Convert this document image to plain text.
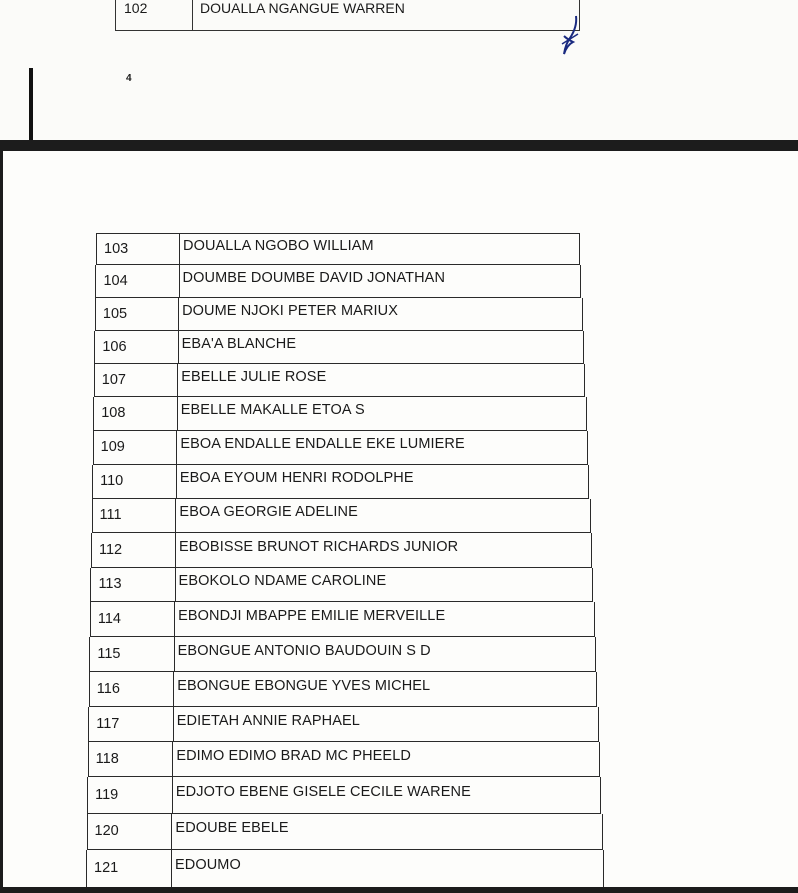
102	DOUALLA NGANGUE WARREN
4
103	DOUALLA NGOBO WILLIAM
104	DOUMBE DOUMBE DAVID JONATHAN
105	DOUME NJOKI PETER MARIUX
106	EBA'A BLANCHE
107	EBELLE JULIE ROSE
108	EBELLE MAKALLE ETOA S
109	EBOA ENDALLE ENDALLE EKE LUMIERE
110	EBOA EYOUM HENRI RODOLPHE
111	EBOA GEORGIE ADELINE
112	EBOBISSE BRUNOT RICHARDS JUNIOR
113	EBOKOLO NDAME CAROLINE
114	EBONDJI MBAPPE EMILIE MERVEILLE
115	EBONGUE ANTONIO BAUDOUIN S D
116	EBONGUE EBONGUE YVES MICHEL
117	EDIETAH ANNIE RAPHAEL
118	EDIMO EDIMO BRAD MC PHEELD
119	EDJOTO EBENE GISELE CECILE WARENE
120	EDOUBE EBELE
121	EDOUMO
